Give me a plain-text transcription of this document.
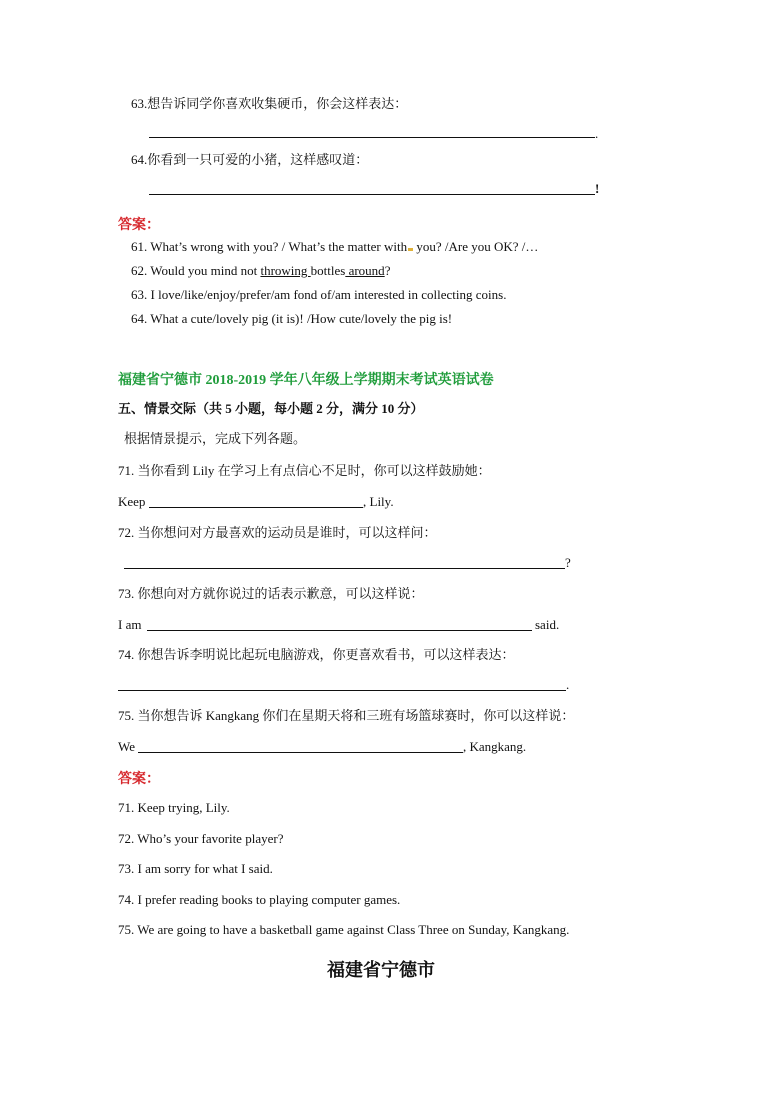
63.想告诉同学你喜欢收集硬币，你会这样表达：
.
64.你看到一只可爱的小猪，这样感叹道：
!
答案：
61. What’s wrong with you? / What’s the matter with you? /Are you OK? /…
62. Would you mind not throwing bottles around?
63. I love/like/enjoy/prefer/am fond of/am interested in collecting coins.
64. What a cute/lovely pig (it is)! /How cute/lovely the pig is!
福建省宁德市 2018-2019 学年八年级上学期期末考试英语试卷
五、情景交际（共 5 小题，每小题 2 分，满分 10 分）
根据情景提示，完成下列各题。
71. 当你看到 Lily 在学习上有点信心不足时，你可以这样鼓励她：
Keep	, Lily.
72. 当你想问对方最喜欢的运动员是谁时，可以这样问：
?
73. 你想向对方就你说过的话表示歉意，可以这样说：
I am	said.
74. 你想告诉李明说比起玩电脑游戏，你更喜欢看书，可以这样表达：
.
75. 当你想告诉 Kangkang 你们在星期天将和三班有场篮球赛时，你可以这样说：
We	, Kangkang.
答案：
71. Keep trying, Lily.
72. Who’s your favorite player?
73. I am sorry for what I said.
74. I prefer reading books to playing computer games.
75. We are going to have a basketball game against Class Three on Sunday, Kangkang.
福建省宁德市
